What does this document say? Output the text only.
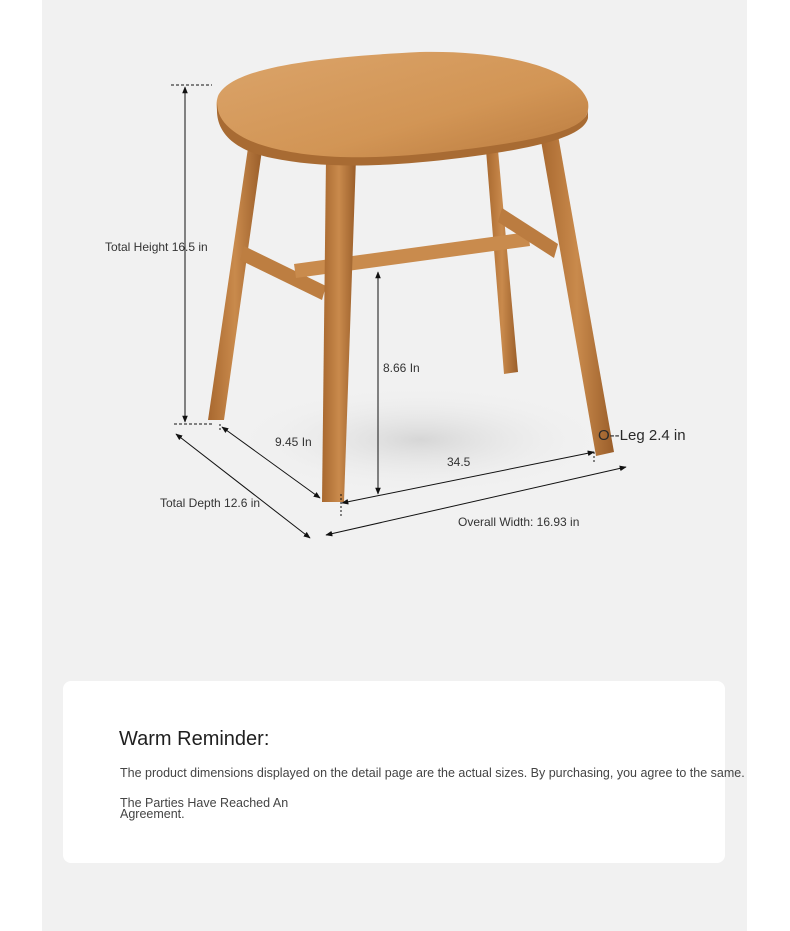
Total Height 16.5 in
8.66 In
9.45 In
34.5
Total Depth 12.6 in
Overall Width: 16.93 in
O--Leg 2.4 in
Warm Reminder:
The product dimensions displayed on the detail page are the actual sizes. By purchasing, you agree to the same.
The Parties Have Reached An Agreement.
